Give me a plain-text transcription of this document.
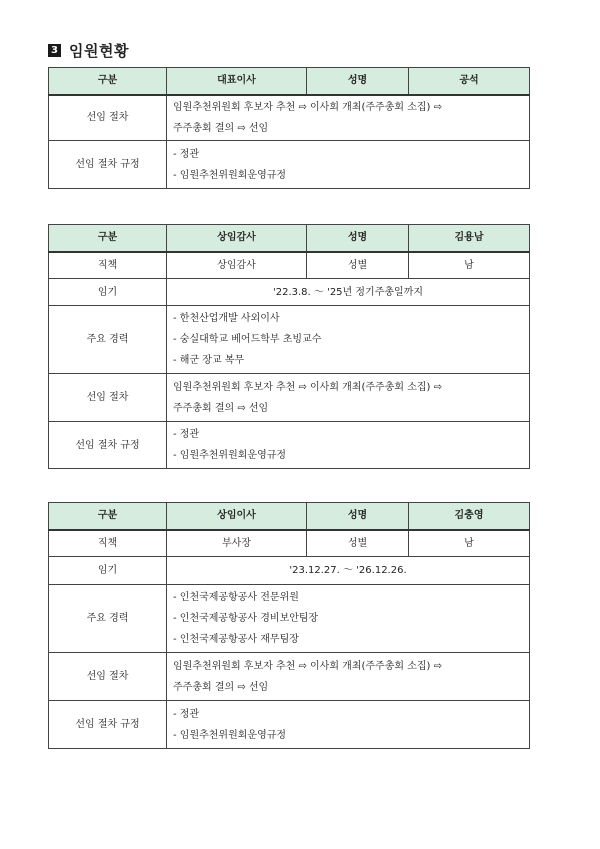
3 임원현황
구분	대표이사	성명	공석
선임 절차	임원추천위원회 후보자 추천 ⇨ 이사회 개최(주주총회 소집) ⇨
주주총회 결의 ⇨ 선임		

선임 절차 규정	- 정관
- 임원추천위원회운영규정		
구분	상임감사	성명	김용남
직책	상임감사	성별	남
임기	'22.3.8. ～ '25년 정기주총일까지		
주요 경력	- 한천산업개발 사외이사
- 숭실대학교 베어드학부 초빙교수
- 해군 장교 복무		

선임 절차	임원추천위원회 후보자 추천 ⇨ 이사회 개최(주주총회 소집) ⇨
주주총회 결의 ⇨ 선임		

선임 절차 규정	- 정관
- 임원추천위원회운영규정		
구분	상임이사	성명	김충영
직책	부사장	성별	남
임기	'23.12.27. ～ '26.12.26.		
주요 경력	- 인천국제공항공사 전문위원
- 인천국제공항공사 경비보안팀장
- 인천국제공항공사 재무팀장		

선임 절차	임원추천위원회 후보자 추천 ⇨ 이사회 개최(주주총회 소집) ⇨
주주총회 결의 ⇨ 선임		

선임 절차 규정	- 정관
- 임원추천위원회운영규정		
